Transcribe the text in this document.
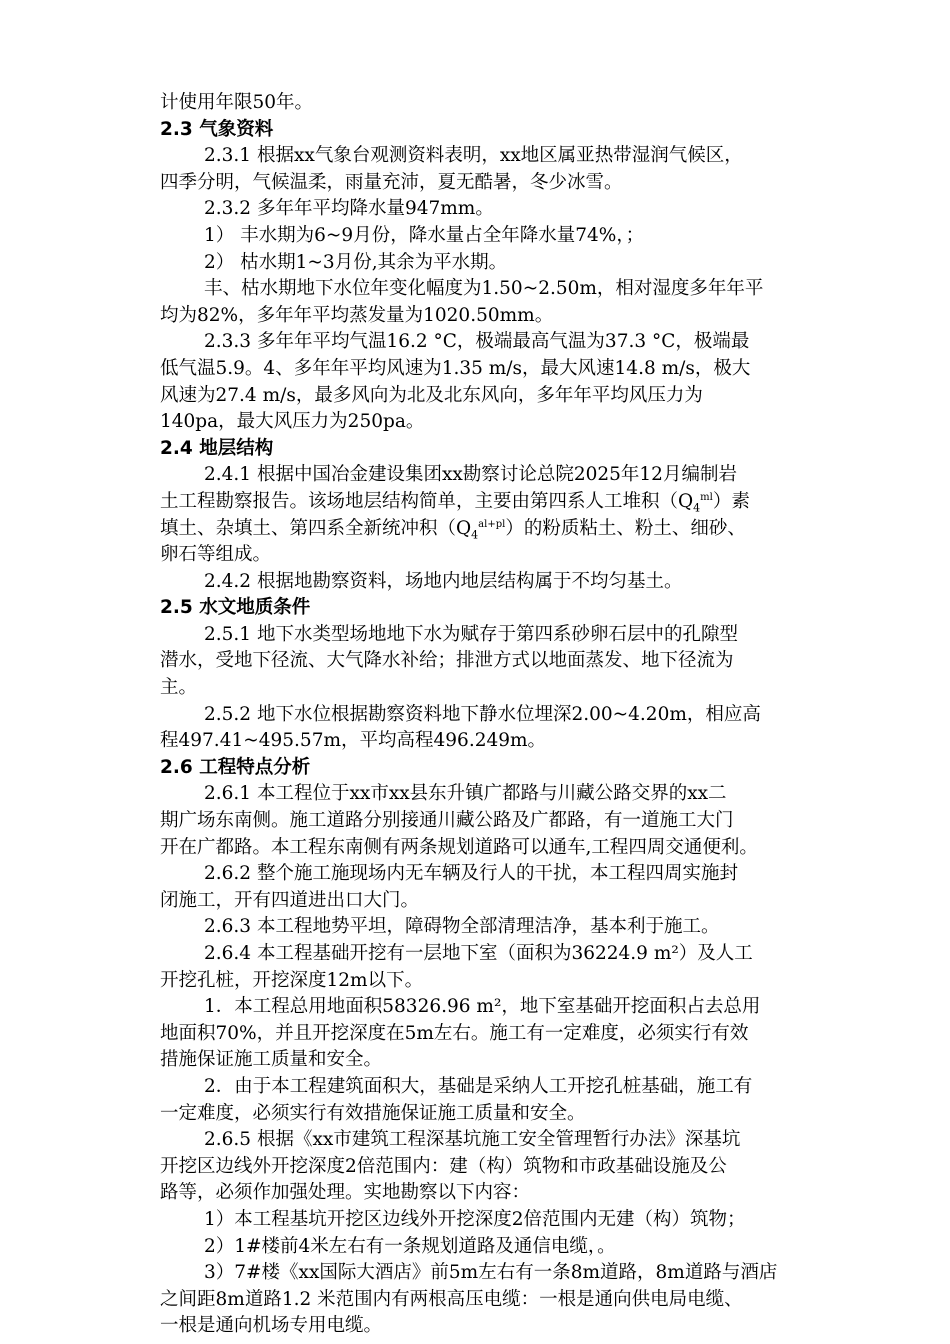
计使用年限50年。
2.3 气象资料
2.3.1 根据xx气象台观测资料表明，xx地区属亚热带湿润气候区，
四季分明，气候温柔，雨量充沛，夏无酷暑，冬少冰雪。
2.3.2 多年年平均降水量947mm。
1） 丰水期为6~9月份，降水量占全年降水量74%，；
2） 枯水期1~3月份,其余为平水期。
丰、枯水期地下水位年变化幅度为1.50~2.50m，相对湿度多年年平
均为82%，多年年平均蒸发量为1020.50mm。
2.3.3 多年年平均气温16.2 °C，极端最高气温为37.3 °C，极端最
低气温5.9。4、多年年平均风速为1.35 m/s，最大风速14.8 m/s，极大
风速为27.4 m/s，最多风向为北及北东风向，多年年平均风压力为
140pa，最大风压力为250pa。
2.4 地层结构
2.4.1 根据中国冶金建设集团xx勘察讨论总院2025年12月编制岩
土工程勘察报告。该场地层结构简单，主要由第四系人工堆积$(Q_4^{ml})$素
填土、杂填土、第四系全新统冲积$(Q_4^{al+pl})$的粉质粘土、粉土、细砂、
卵石等组成。
2.4.2 根据地勘察资料，场地内地层结构属于不均匀基土。
2.5 水文地质条件
2.5.1 地下水类型场地地下水为赋存于第四系砂卵石层中的孔隙型
潜水，受地下径流、大气降水补给；排泄方式以地面蒸发、地下径流为
主。
2.5.2 地下水位根据勘察资料地下静水位埋深2.00~4.20m，相应高
程497.41~495.57m，平均高程496.249m。
2.6 工程特点分析
2.6.1 本工程位于xx市xx县东升镇广都路与川藏公路交界的xx二
期广场东南侧。施工道路分别接通川藏公路及广都路，有一道施工大门
开在广都路。本工程东南侧有两条规划道路可以通车,工程四周交通便利。
2.6.2 整个施工施现场内无车辆及行人的干扰，本工程四周实施封
闭施工，开有四道进出口大门。
2.6.3 本工程地势平坦，障碍物全部清理洁净，基本利于施工。
2.6.4 本工程基础开挖有一层地下室（面积为36224.9 m²）及人工
开挖孔桩，开挖深度12m以下。
1．本工程总用地面积58326.96 m²，地下室基础开挖面积占去总用
地面积70%，并且开挖深度在5m左右。施工有一定难度，必须实行有效
措施保证施工质量和安全。
2．由于本工程建筑面积大，基础是采纳人工开挖孔桩基础，施工有
一定难度，必须实行有效措施保证施工质量和安全。
2.6.5 根据《xx市建筑工程深基坑施工安全管理暂行办法》深基坑
开挖区边线外开挖深度2倍范围内：建（构）筑物和市政基础设施及公
路等，必须作加强处理。实地勘察以下内容：
1）本工程基坑开挖区边线外开挖深度2倍范围内无建（构）筑物；
2）1#楼前4米左右有一条规划道路及通信电缆，。
3）7#楼《xx国际大酒店》前5m左右有一条8m道路，8m道路与酒店
之间距8m道路1.2 米范围内有两根高压电缆：一根是通向供电局电缆、
一根是通向机场专用电缆。
